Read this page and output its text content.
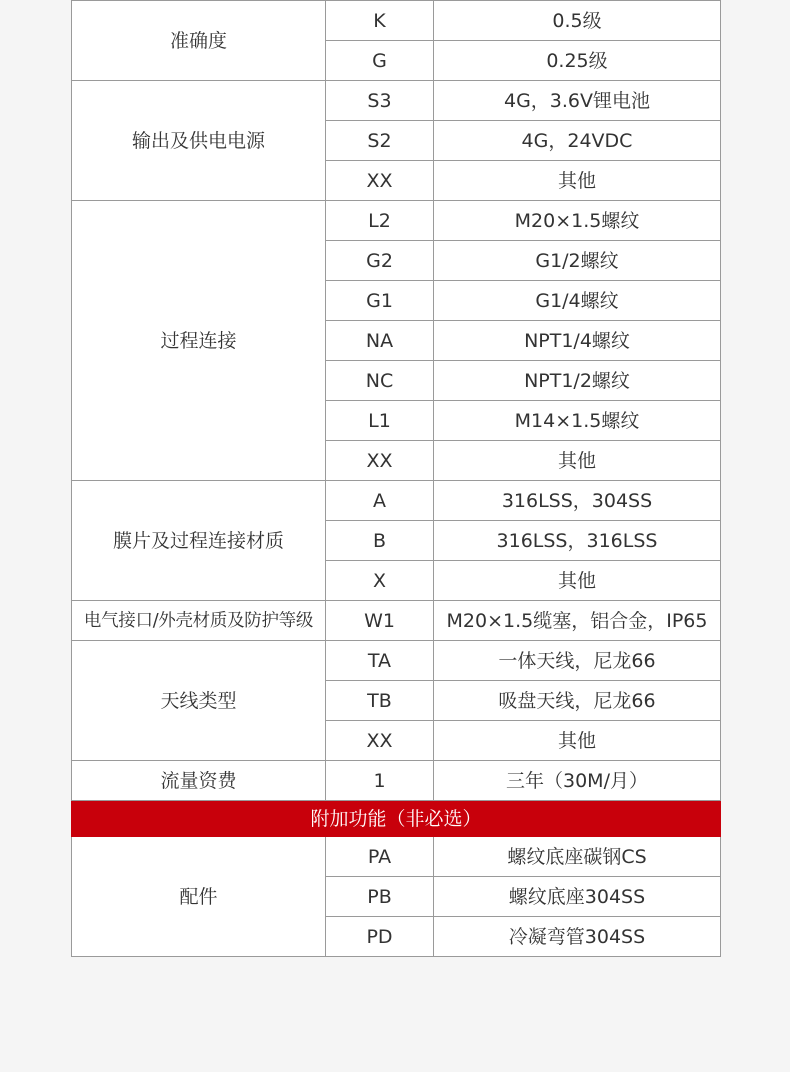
准确度	K	0.5级
	G	0.25级
输出及供电电源	S3	4G，3.6V锂电池
	S2	4G，24VDC
	XX	其他
过程连接	L2	M20×1.5螺纹
	G2	G1/2螺纹
	G1	G1/4螺纹
	NA	NPT1/4螺纹
	NC	NPT1/2螺纹
	L1	M14×1.5螺纹
	XX	其他
膜片及过程连接材质	A	316LSS，304SS
	B	316LSS，316LSS
	X	其他
电气接口/外壳材质及防护等级	W1	M20×1.5缆塞，铝合金，IP65
天线类型	TA	一体天线，尼龙66
	TB	吸盘天线，尼龙66
	XX	其他
流量资费	1	三年（30M/月）
附加功能（非必选）		
配件	PA	螺纹底座碳钢CS
	PB	螺纹底座304SS
	PD	冷凝弯管304SS
